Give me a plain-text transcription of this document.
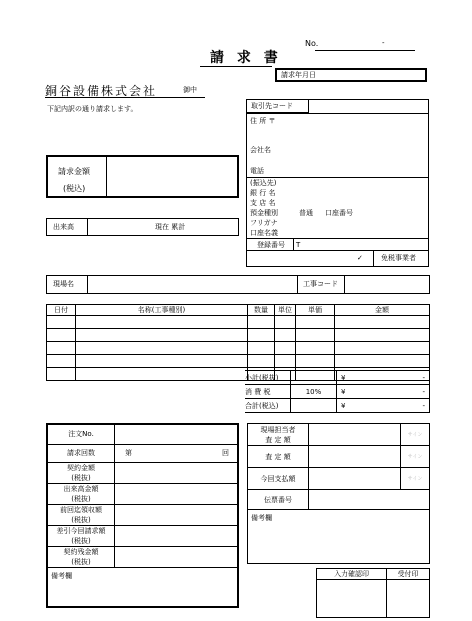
No.	-
請 求 書
請求年月日
銅谷設備株式会社	御中
下記内訳の通り請求します。
請求金額
(税込)
出来高	現在 累計
取引先コード
住 所 〒
会社名
電話
(振込先)
銀 行 名
支 店 名
預金種別	普通 口座番号
フリガナ
口座名義
登録番号 T
✓	免税事業者
現場名	工事コード
日付	名称(工事種別)	数量	単位	単価	金額

小計(税抜)		¥ -

消 費 税	10%	¥ -

合計(税込)		¥ -
注文No.	
請求回数	第 回

契約金額
(税抜)	

出来高金額
(税抜)	

前回迄領収額
(税抜)	

差引今回請求額
(税抜)	

契約残金額
(税抜)	

備考欄	
現場担当者
査 定 額		サイン
査 定 額		サイン
今回支払額		サイン
伝票番号		
備考欄		
入力確認印	受付印
